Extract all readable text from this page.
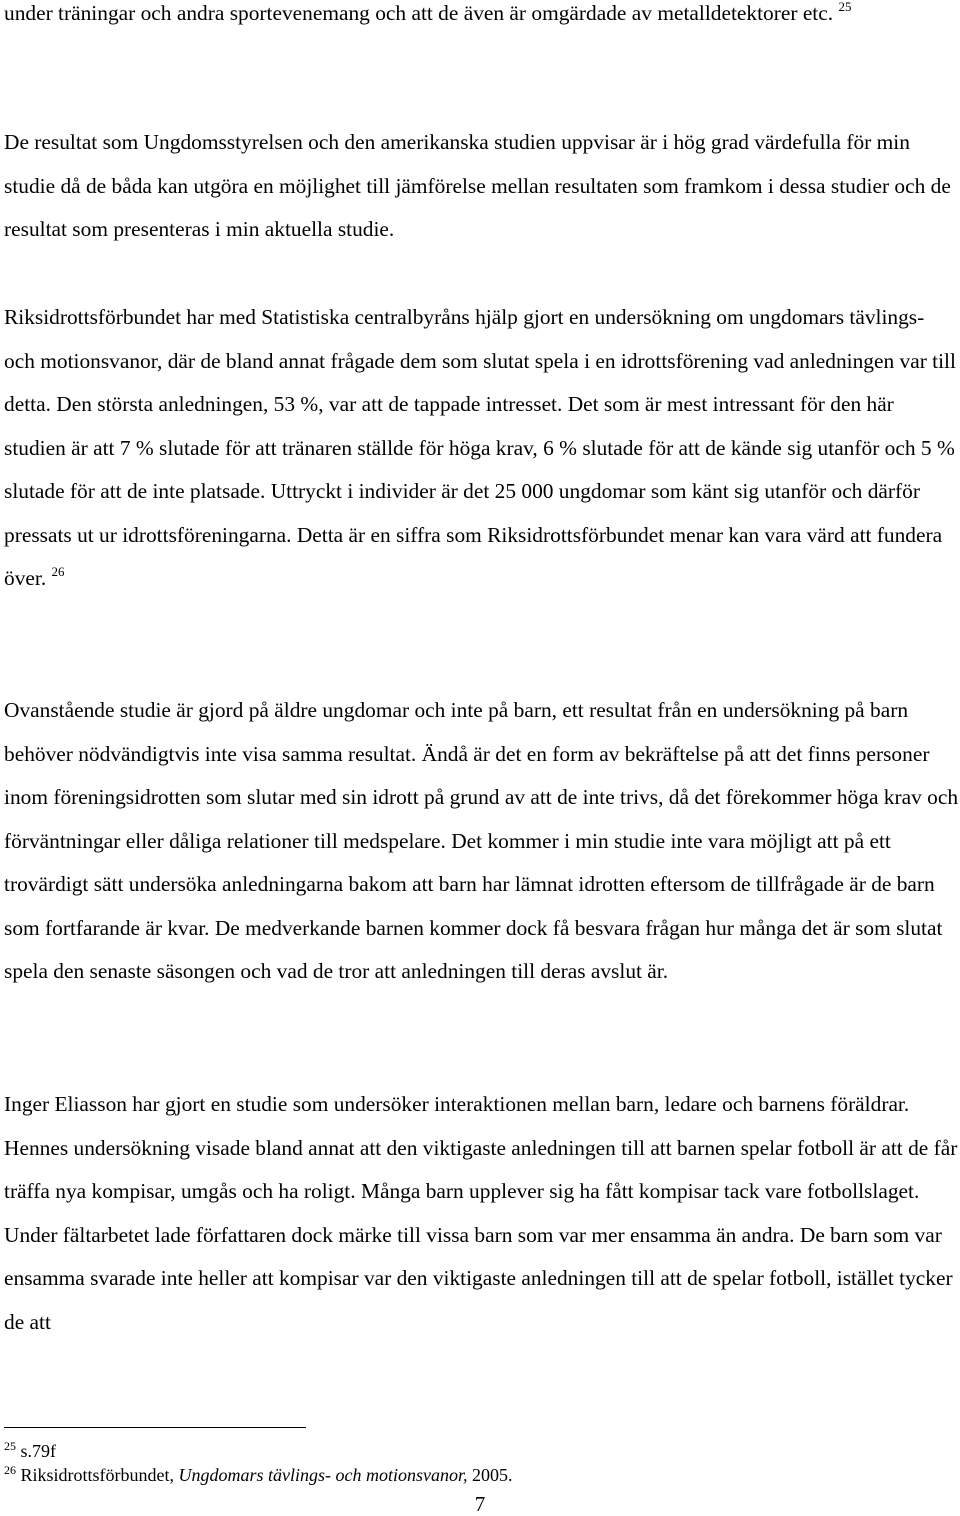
under träningar och andra sportevenemang och att de även är omgärdade av metalldetektorer etc. $^{25}$

De resultat som Ungdomsstyrelsen och den amerikanska studien uppvisar är i hög grad värdefulla för min studie då de båda kan utgöra en möjlighet till jämförelse mellan resultaten som framkom i dessa studier och de resultat som presenteras i min aktuella studie.

Riksidrottsförbundet har med Statistiska centralbyråns hjälp gjort en undersökning om ungdomars tävlings- och motionsvanor, där de bland annat frågade dem som slutat spela i en idrottsförening vad anledningen var till detta. Den största anledningen, 53 %, var att de tappade intresset. Det som är mest intressant för den här studien är att 7 % slutade för att tränaren ställde för höga krav, 6 % slutade för att de kände sig utanför och 5 % slutade för att de inte platsade. Uttryckt i individer är det 25 000 ungdomar som känt sig utanför och därför pressats ut ur idrottsföreningarna. Detta är en siffra som Riksidrottsförbundet menar kan vara värd att fundera över. $^{26}$

Ovanstående studie är gjord på äldre ungdomar och inte på barn, ett resultat från en undersökning på barn behöver nödvändigtvis inte visa samma resultat. Ändå är det en form av bekräftelse på att det finns personer inom föreningsidrotten som slutar med sin idrott på grund av att de inte trivs, då det förekommer höga krav och förväntningar eller dåliga relationer till medspelare. Det kommer i min studie inte vara möjligt att på ett trovärdigt sätt undersöka anledningarna bakom att barn har lämnat idrotten eftersom de tillfrågade är de barn som fortfarande är kvar. De medverkande barnen kommer dock få besvara frågan hur många det är som slutat spela den senaste säsongen och vad de tror att anledningen till deras avslut är.

Inger Eliasson har gjort en studie som undersöker interaktionen mellan barn, ledare och barnens föräldrar. Hennes undersökning visade bland annat att den viktigaste anledningen till att barnen spelar fotboll är att de får träffa nya kompisar, umgås och ha roligt. Många barn upplever sig ha fått kompisar tack vare fotbollslaget. Under fältarbetet lade författaren dock märke till vissa barn som var mer ensamma än andra. De barn som var ensamma svarade inte heller att kompisar var den viktigaste anledningen till att de spelar fotboll, istället tycker de att

$^{25}$ s.79f

$^{26}$ Riksidrottsförbundet, Ungdomars tävlings- och motionsvanor, 2005.

7
